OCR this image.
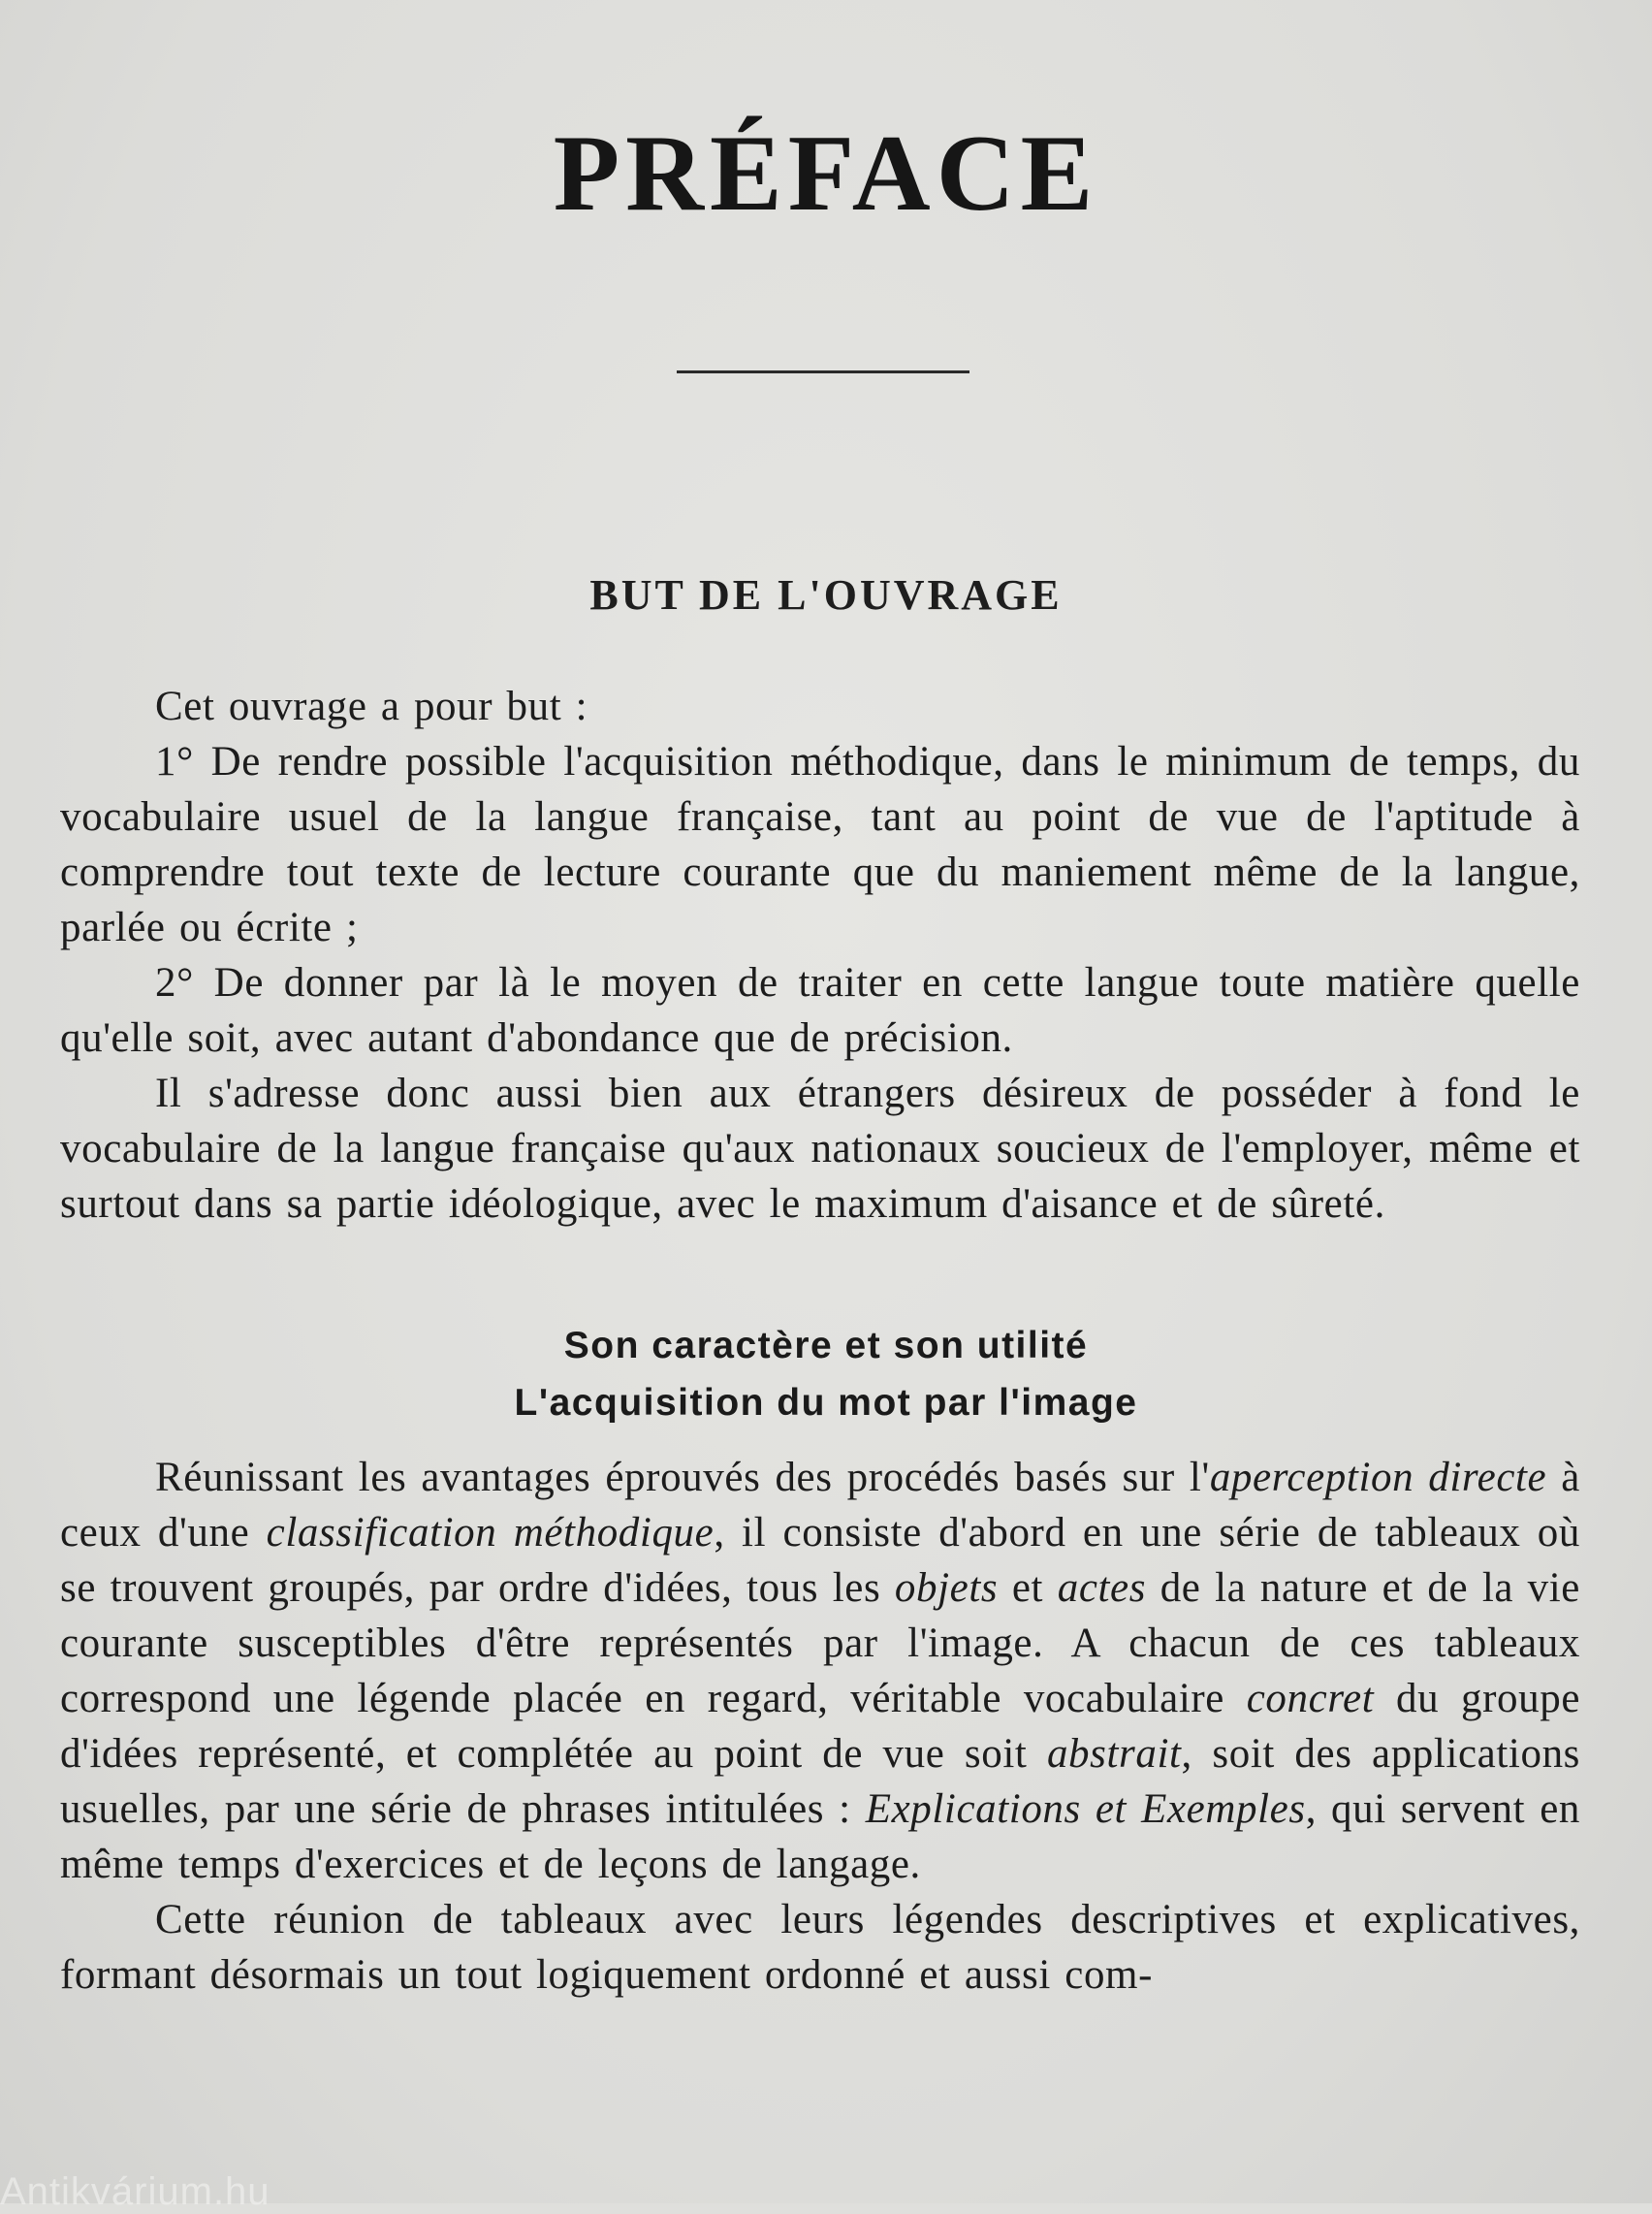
PRÉFACE
BUT DE L'OUVRAGE

Cet ouvrage a pour but :

1° De rendre possible l'acquisition méthodique, dans le minimum de temps, du vocabulaire usuel de la langue française, tant au point de vue de l'aptitude à comprendre tout texte de lecture courante que du maniement même de la langue, parlée ou écrite ;

2° De donner par là le moyen de traiter en cette langue toute matière quelle qu'elle soit, avec autant d'abondance que de précision.

Il s'adresse donc aussi bien aux étrangers désireux de posséder à fond le vocabulaire de la langue française qu'aux nationaux soucieux de l'employer, même et surtout dans sa partie idéologique, avec le maximum d'aisance et de sûreté.

Son caractère et son utilité
L'acquisition du mot par l'image

Réunissant les avantages éprouvés des procédés basés sur l'aperception directe à ceux d'une classification méthodique, il consiste d'abord en une série de tableaux où se trouvent groupés, par ordre d'idées, tous les objets et actes de la nature et de la vie courante susceptibles d'être représentés par l'image. A chacun de ces tableaux correspond une légende placée en regard, véritable vocabulaire concret du groupe d'idées représenté, et complétée au point de vue soit abstrait, soit des applications usuelles, par une série de phrases intitulées : Explications et Exemples, qui servent en même temps d'exercices et de leçons de langage.

Cette réunion de tableaux avec leurs légendes descriptives et explicatives, formant désormais un tout logiquement ordonné et aussi com-

Antikvárium.hu
